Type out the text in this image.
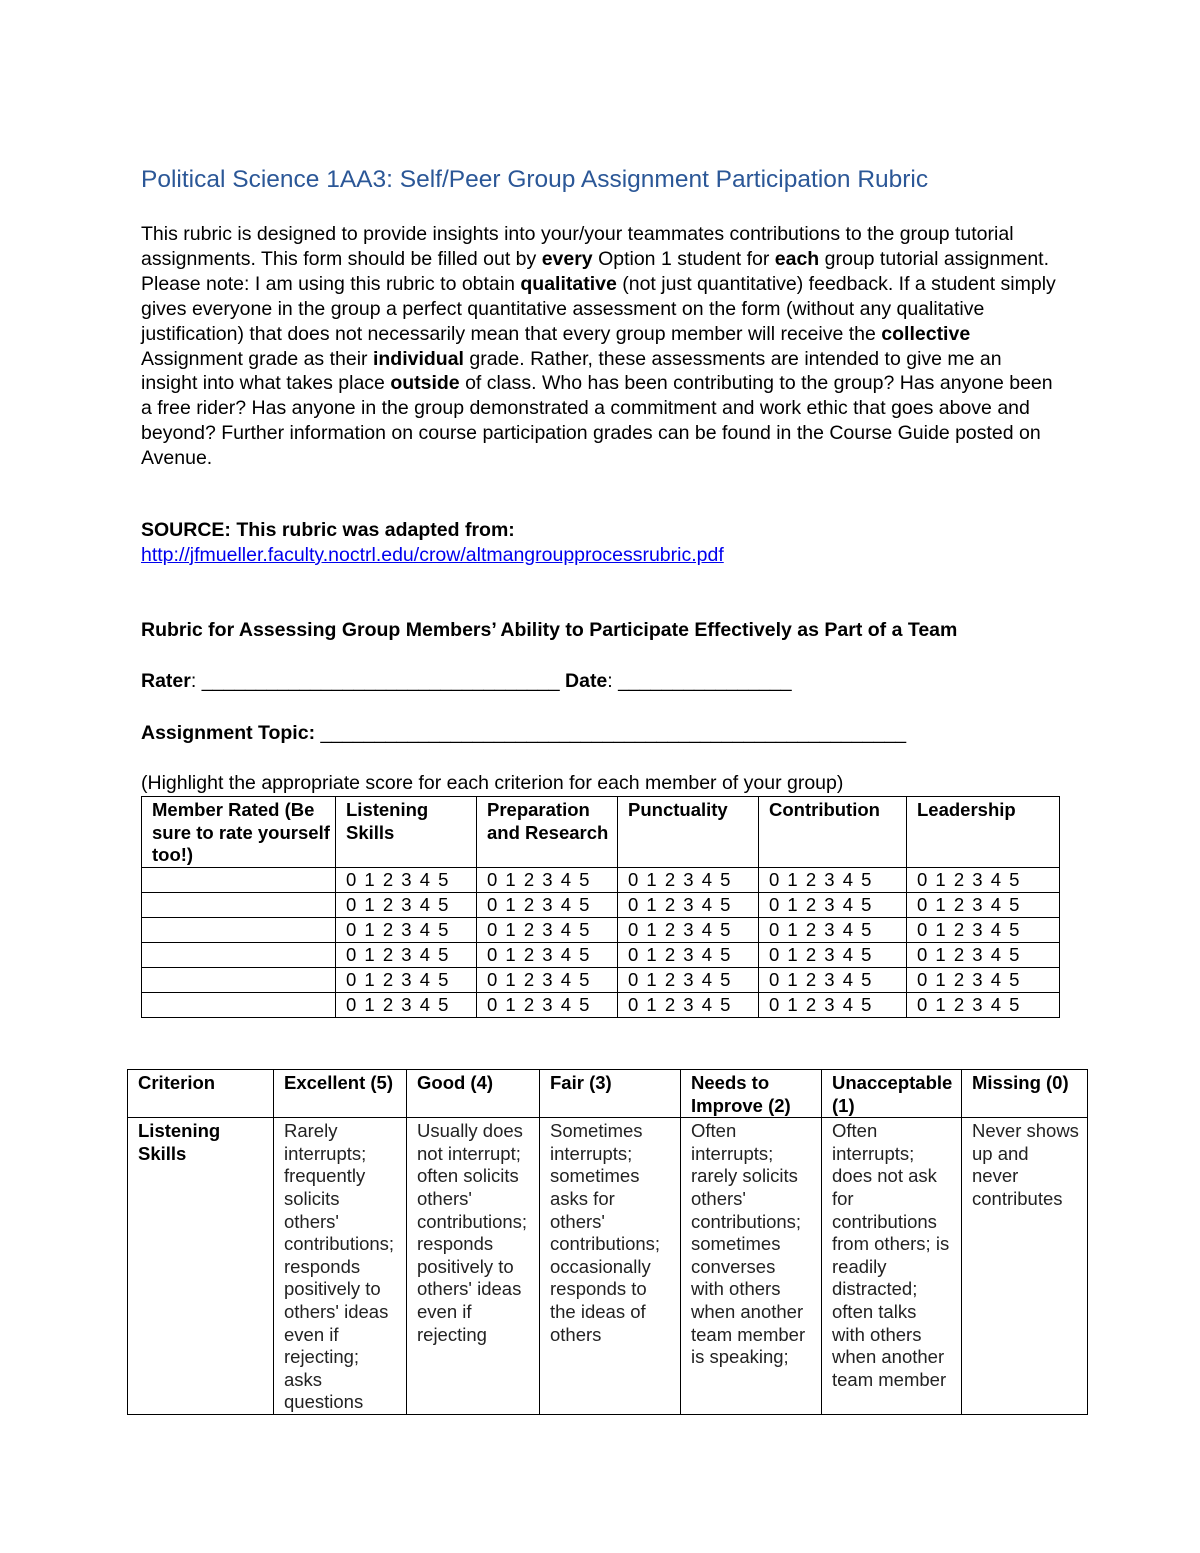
Political Science 1AA3: Self/Peer Group Assignment Participation Rubric
This rubric is designed to provide insights into your/your teammates contributions to the group tutorial assignments. This form should be filled out by every Option 1 student for each group tutorial assignment. Please note: I am using this rubric to obtain qualitative (not just quantitative) feedback. If a student simply gives everyone in the group a perfect quantitative assessment on the form (without any qualitative justification) that does not necessarily mean that every group member will receive the collective Assignment grade as their individual grade. Rather, these assessments are intended to give me an insight into what takes place outside of class. Who has been contributing to the group? Has anyone been a free rider? Has anyone in the group demonstrated a commitment and work ethic that goes above and beyond? Further information on course participation grades can be found in the Course Guide posted on Avenue.
SOURCE: This rubric was adapted from:
http://jfmueller.faculty.noctrl.edu/crow/altmangroupprocessrubric.pdf
Rubric for Assessing Group Members’ Ability to Participate Effectively as Part of a Team
Rater: _________________________________ Date: ________________
Assignment Topic: ______________________________________________________
(Highlight the appropriate score for each criterion for each member of your group)
Member Rated (Be sure to rate yourself too!)	Listening Skills	Preparation and Research	Punctuality	Contribution	Leadership
	0 1 2 3 4 5	0 1 2 3 4 5	0 1 2 3 4 5	0 1 2 3 4 5	0 1 2 3 4 5
	0 1 2 3 4 5	0 1 2 3 4 5	0 1 2 3 4 5	0 1 2 3 4 5	0 1 2 3 4 5
	0 1 2 3 4 5	0 1 2 3 4 5	0 1 2 3 4 5	0 1 2 3 4 5	0 1 2 3 4 5
	0 1 2 3 4 5	0 1 2 3 4 5	0 1 2 3 4 5	0 1 2 3 4 5	0 1 2 3 4 5
	0 1 2 3 4 5	0 1 2 3 4 5	0 1 2 3 4 5	0 1 2 3 4 5	0 1 2 3 4 5
	0 1 2 3 4 5	0 1 2 3 4 5	0 1 2 3 4 5	0 1 2 3 4 5	0 1 2 3 4 5
Criterion	Excellent (5)	Good (4)	Fair (3)	Needs to Improve (2)	Unacceptable (1)	Missing (0)
Listening Skills	Rarely interrupts; frequently solicits others' contributions; responds positively to others' ideas even if rejecting; asks questions	Usually does not interrupt; often solicits others' contributions; responds positively to others' ideas even if rejecting	Sometimes interrupts; sometimes asks for others' contributions; occasionally responds to the ideas of others	Often interrupts; rarely solicits others' contributions; sometimes converses with others when another team member is speaking;	Often interrupts; does not ask for contributions from others; is readily distracted; often talks with others when another team member	Never shows up and never contributes
